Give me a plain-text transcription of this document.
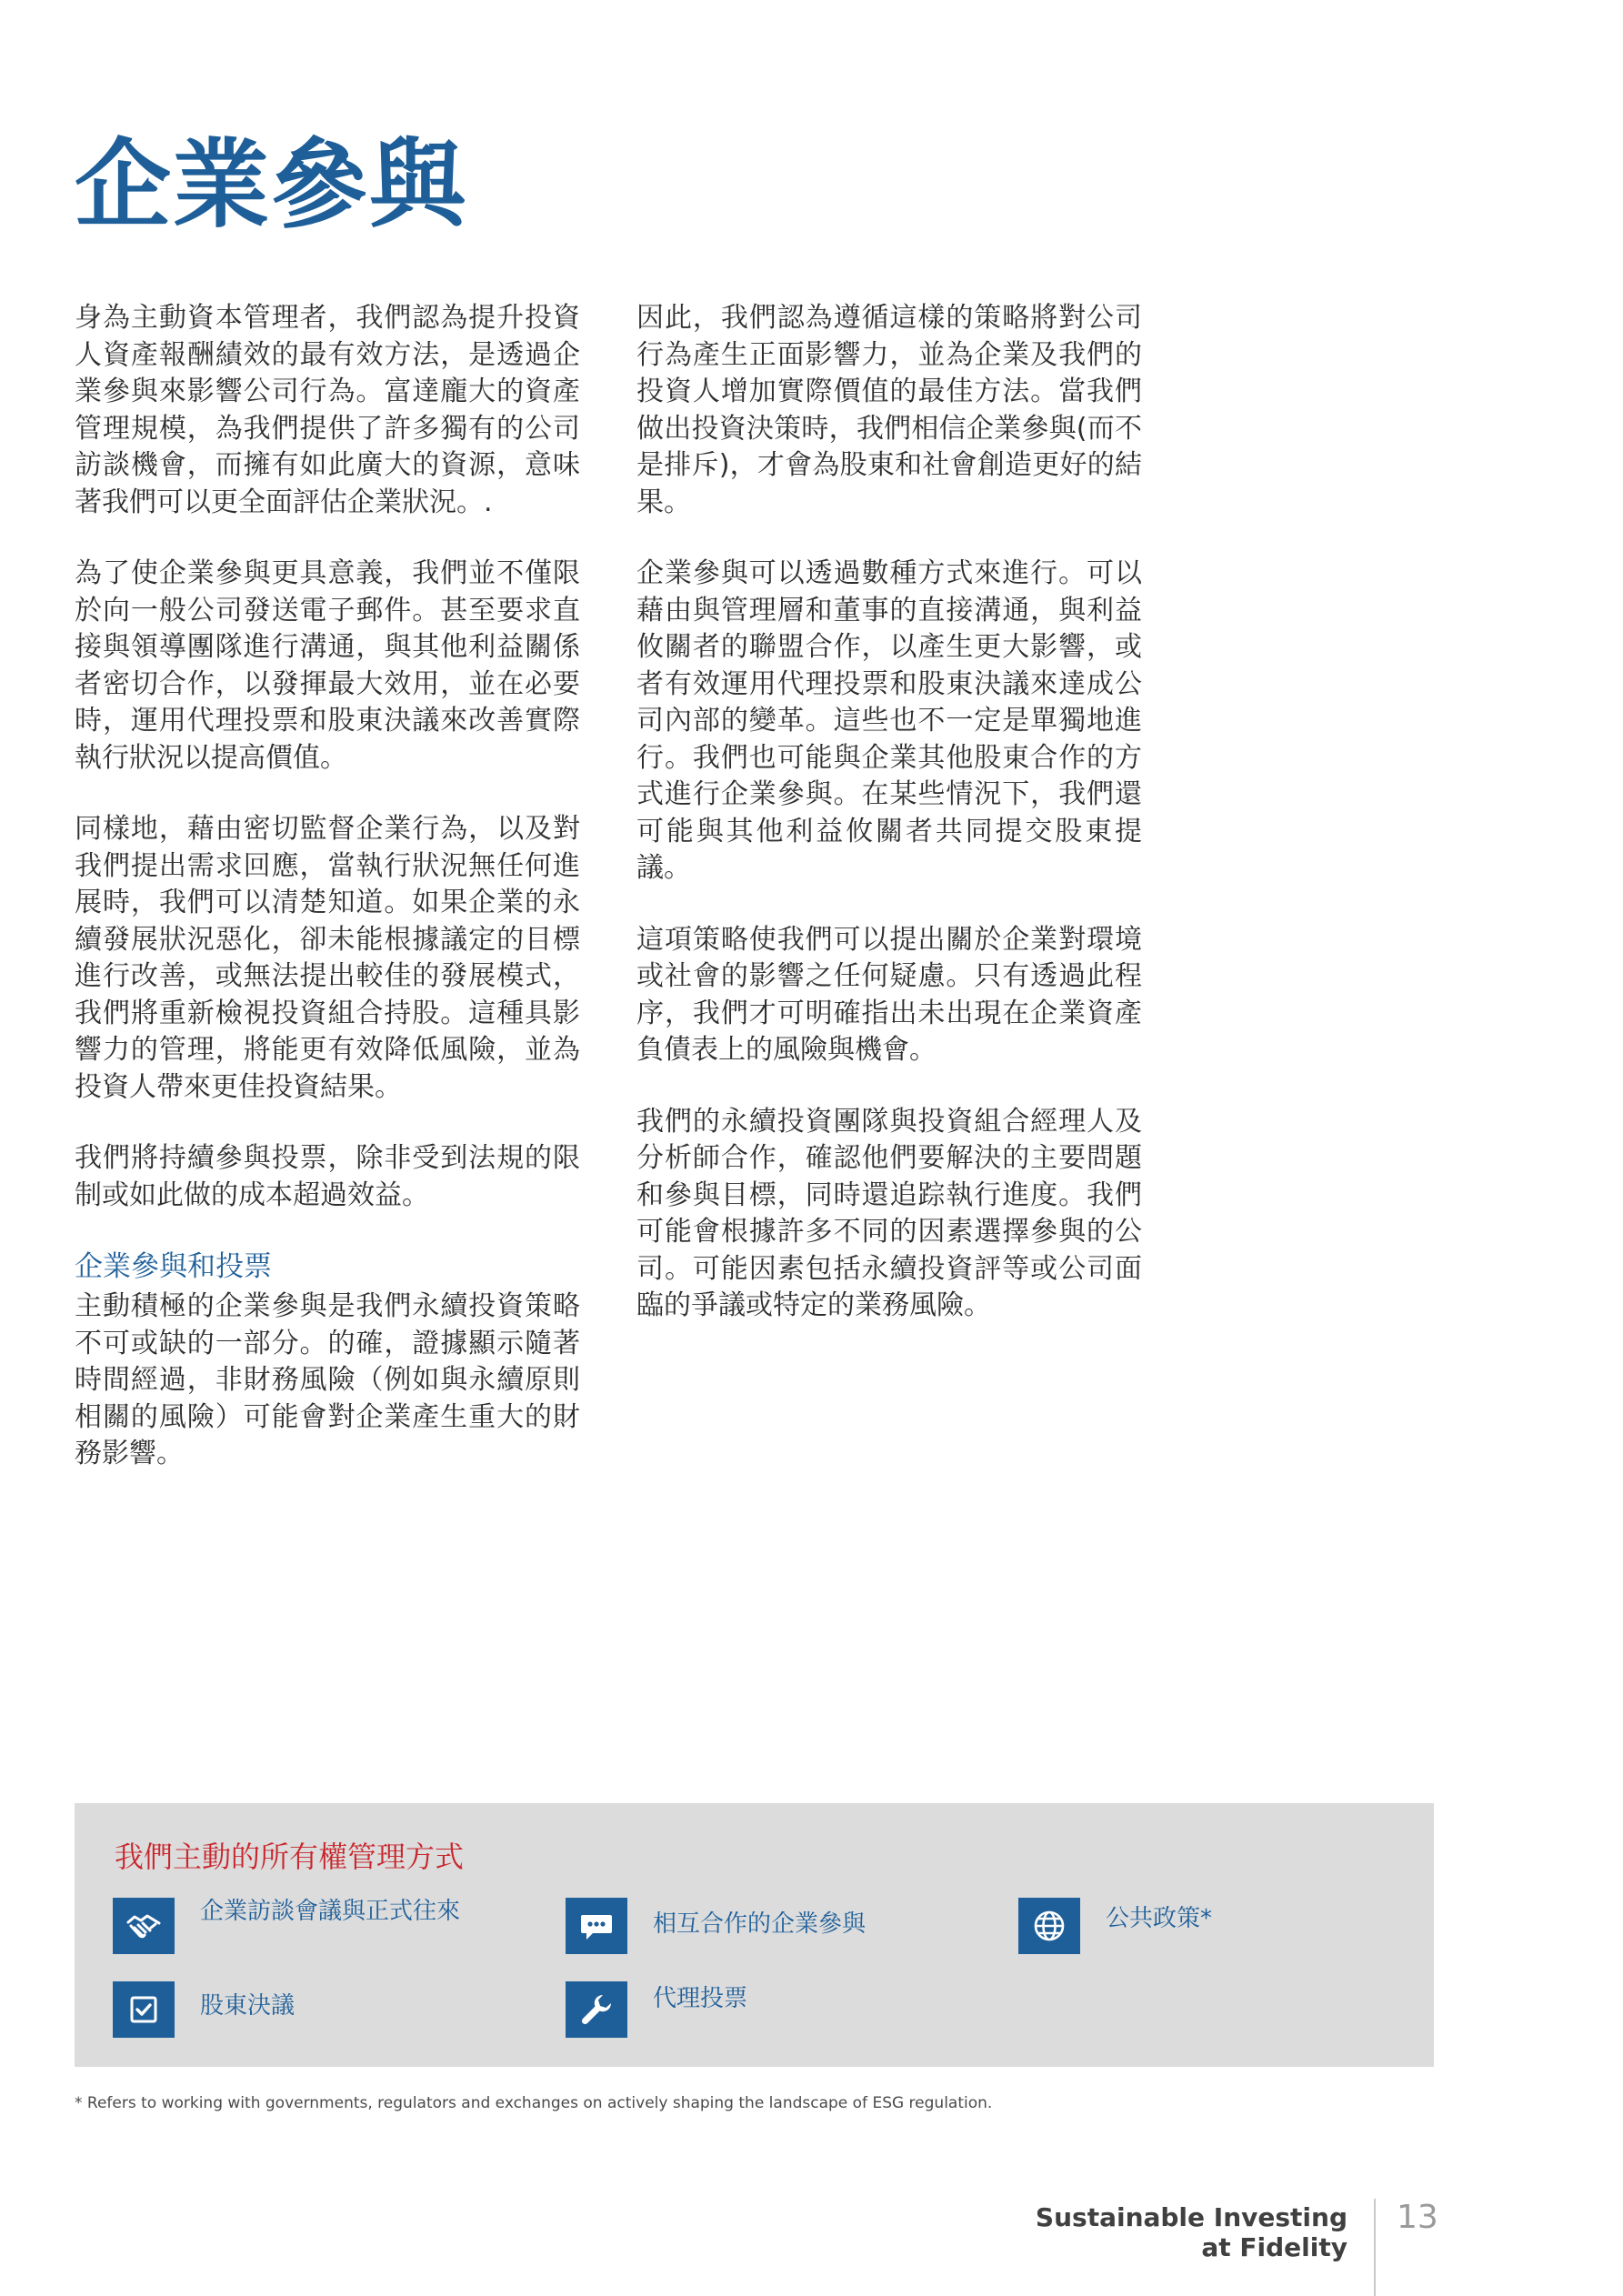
企業參與

身為主動資本管理者，我們認為提升投資人資產報酬績效的最有效方法，是透過企業參與來影響公司行為。富達龐大的資產管理規模，為我們提供了許多獨有的公司訪談機會，而擁有如此廣大的資源，意味著我們可以更全面評估企業狀況。.

為了使企業參與更具意義，我們並不僅限於向一般公司發送電子郵件。甚至要求直接與領導團隊進行溝通，與其他利益關係者密切合作，以發揮最大效用，並在必要時，運用代理投票和股東決議來改善實際執行狀況以提高價值。

同樣地，藉由密切監督企業行為，以及對我們提出需求回應，當執行狀況無任何進展時，我們可以清楚知道。如果企業的永續發展狀況惡化，卻未能根據議定的目標進行改善，或無法提出較佳的發展模式，我們將重新檢視投資組合持股。這種具影響力的管理，將能更有效降低風險，並為投資人帶來更佳投資結果。

我們將持續參與投票，除非受到法規的限制或如此做的成本超過效益。

企業參與和投票

主動積極的企業參與是我們永續投資策略不可或缺的一部分。的確，證據顯示隨著時間經過，非財務風險（例如與永續原則相關的風險）可能會對企業產生重大的財務影響。

因此，我們認為遵循這樣的策略將對公司行為產生正面影響力，並為企業及我們的投資人增加實際價值的最佳方法。當我們做出投資決策時，我們相信企業參與(而不是排斥)，才會為股東和社會創造更好的結果。

企業參與可以透過數種方式來進行。可以藉由與管理層和董事的直接溝通，與利益攸關者的聯盟合作，以產生更大影響，或者有效運用代理投票和股東決議來達成公司內部的變革。這些也不一定是單獨地進行。我們也可能與企業其他股東合作的方式進行企業參與。在某些情況下，我們還可能與其他利益攸關者共同提交股東提議。

這項策略使我們可以提出關於企業對環境或社會的影響之任何疑慮。只有透過此程序，我們才可明確指出未出現在企業資產負債表上的風險與機會。

我們的永續投資團隊與投資組合經理人及分析師合作，確認他們要解決的主要問題和參與目標，同時還追踪執行進度。我們可能會根據許多不同的因素選擇參與的公司。可能因素包括永續投資評等或公司面臨的爭議或特定的業務風險。

我們主動的所有權管理方式
企業訪談會議與正式往來	相互合作的企業參與	公共政策*
股東決議	代理投票

* Refers to working with governments, regulators and exchanges on actively shaping the landscape of ESG regulation.

Sustainable Investing
at Fidelity

13
